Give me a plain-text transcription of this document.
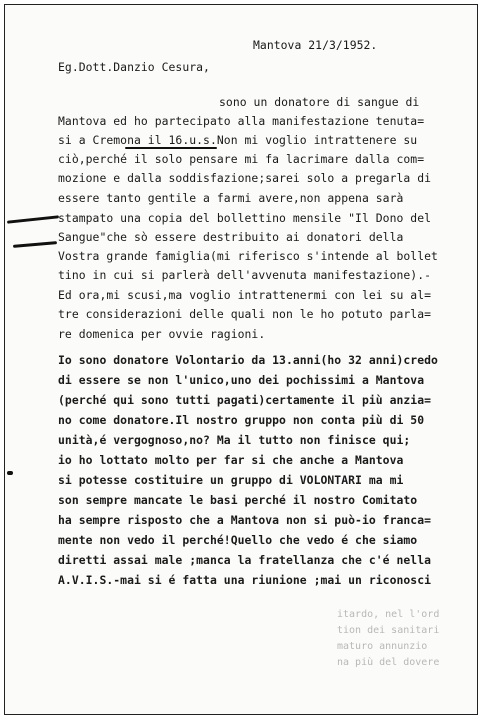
Mantova 21/3/1952.
Eg.Dott.Danzio Cesura,
sono un donatore di sangue di
Mantova ed ho partecipato alla manifestazione tenuta=
si a Cremona il 16.u.s.Non mi voglio intrattenere su
ciò,perché il solo pensare mi fa lacrimare dalla com=
mozione e dalla soddisfazione;sarei solo a pregarla di
essere tanto gentile a farmi avere,non appena sarà
stampato una copia del bollettino mensile "Il Dono del
Sangue"che sò essere destribuito ai donatori della
Vostra grande famiglia(mi riferisco s'intende al bollet
tino in cui si parlerà dell'avvenuta manifestazione).-
Ed ora,mi scusi,ma voglio intrattenermi con lei su al=
tre considerazioni delle quali non le ho potuto parla=
re domenica per ovvie ragioni.
Io sono donatore Volontario da 13.anni(ho 32 anni)credo
di essere se non l'unico,uno dei pochissimi a Mantova
(perché qui sono tutti pagati)certamente il più anzia=
no come donatore.Il nostro gruppo non conta più di 50
unità,é vergognoso,no? Ma il tutto non finisce qui;
io ho lottato molto per far si che anche a Mantova
si potesse costituire un gruppo di VOLONTARI ma mi
son sempre mancate le basi perché il nostro Comitato
ha sempre risposto che a Mantova non si può-io franca=
mente non vedo il perché!Quello che vedo é che siamo
diretti assai male ;manca la fratellanza che c'é nella
A.V.I.S.-mai si é fatta una riunione ;mai un riconosci
itardo, nel l'ord
tion dei sanitari
maturo annunzio
na più del dovere
